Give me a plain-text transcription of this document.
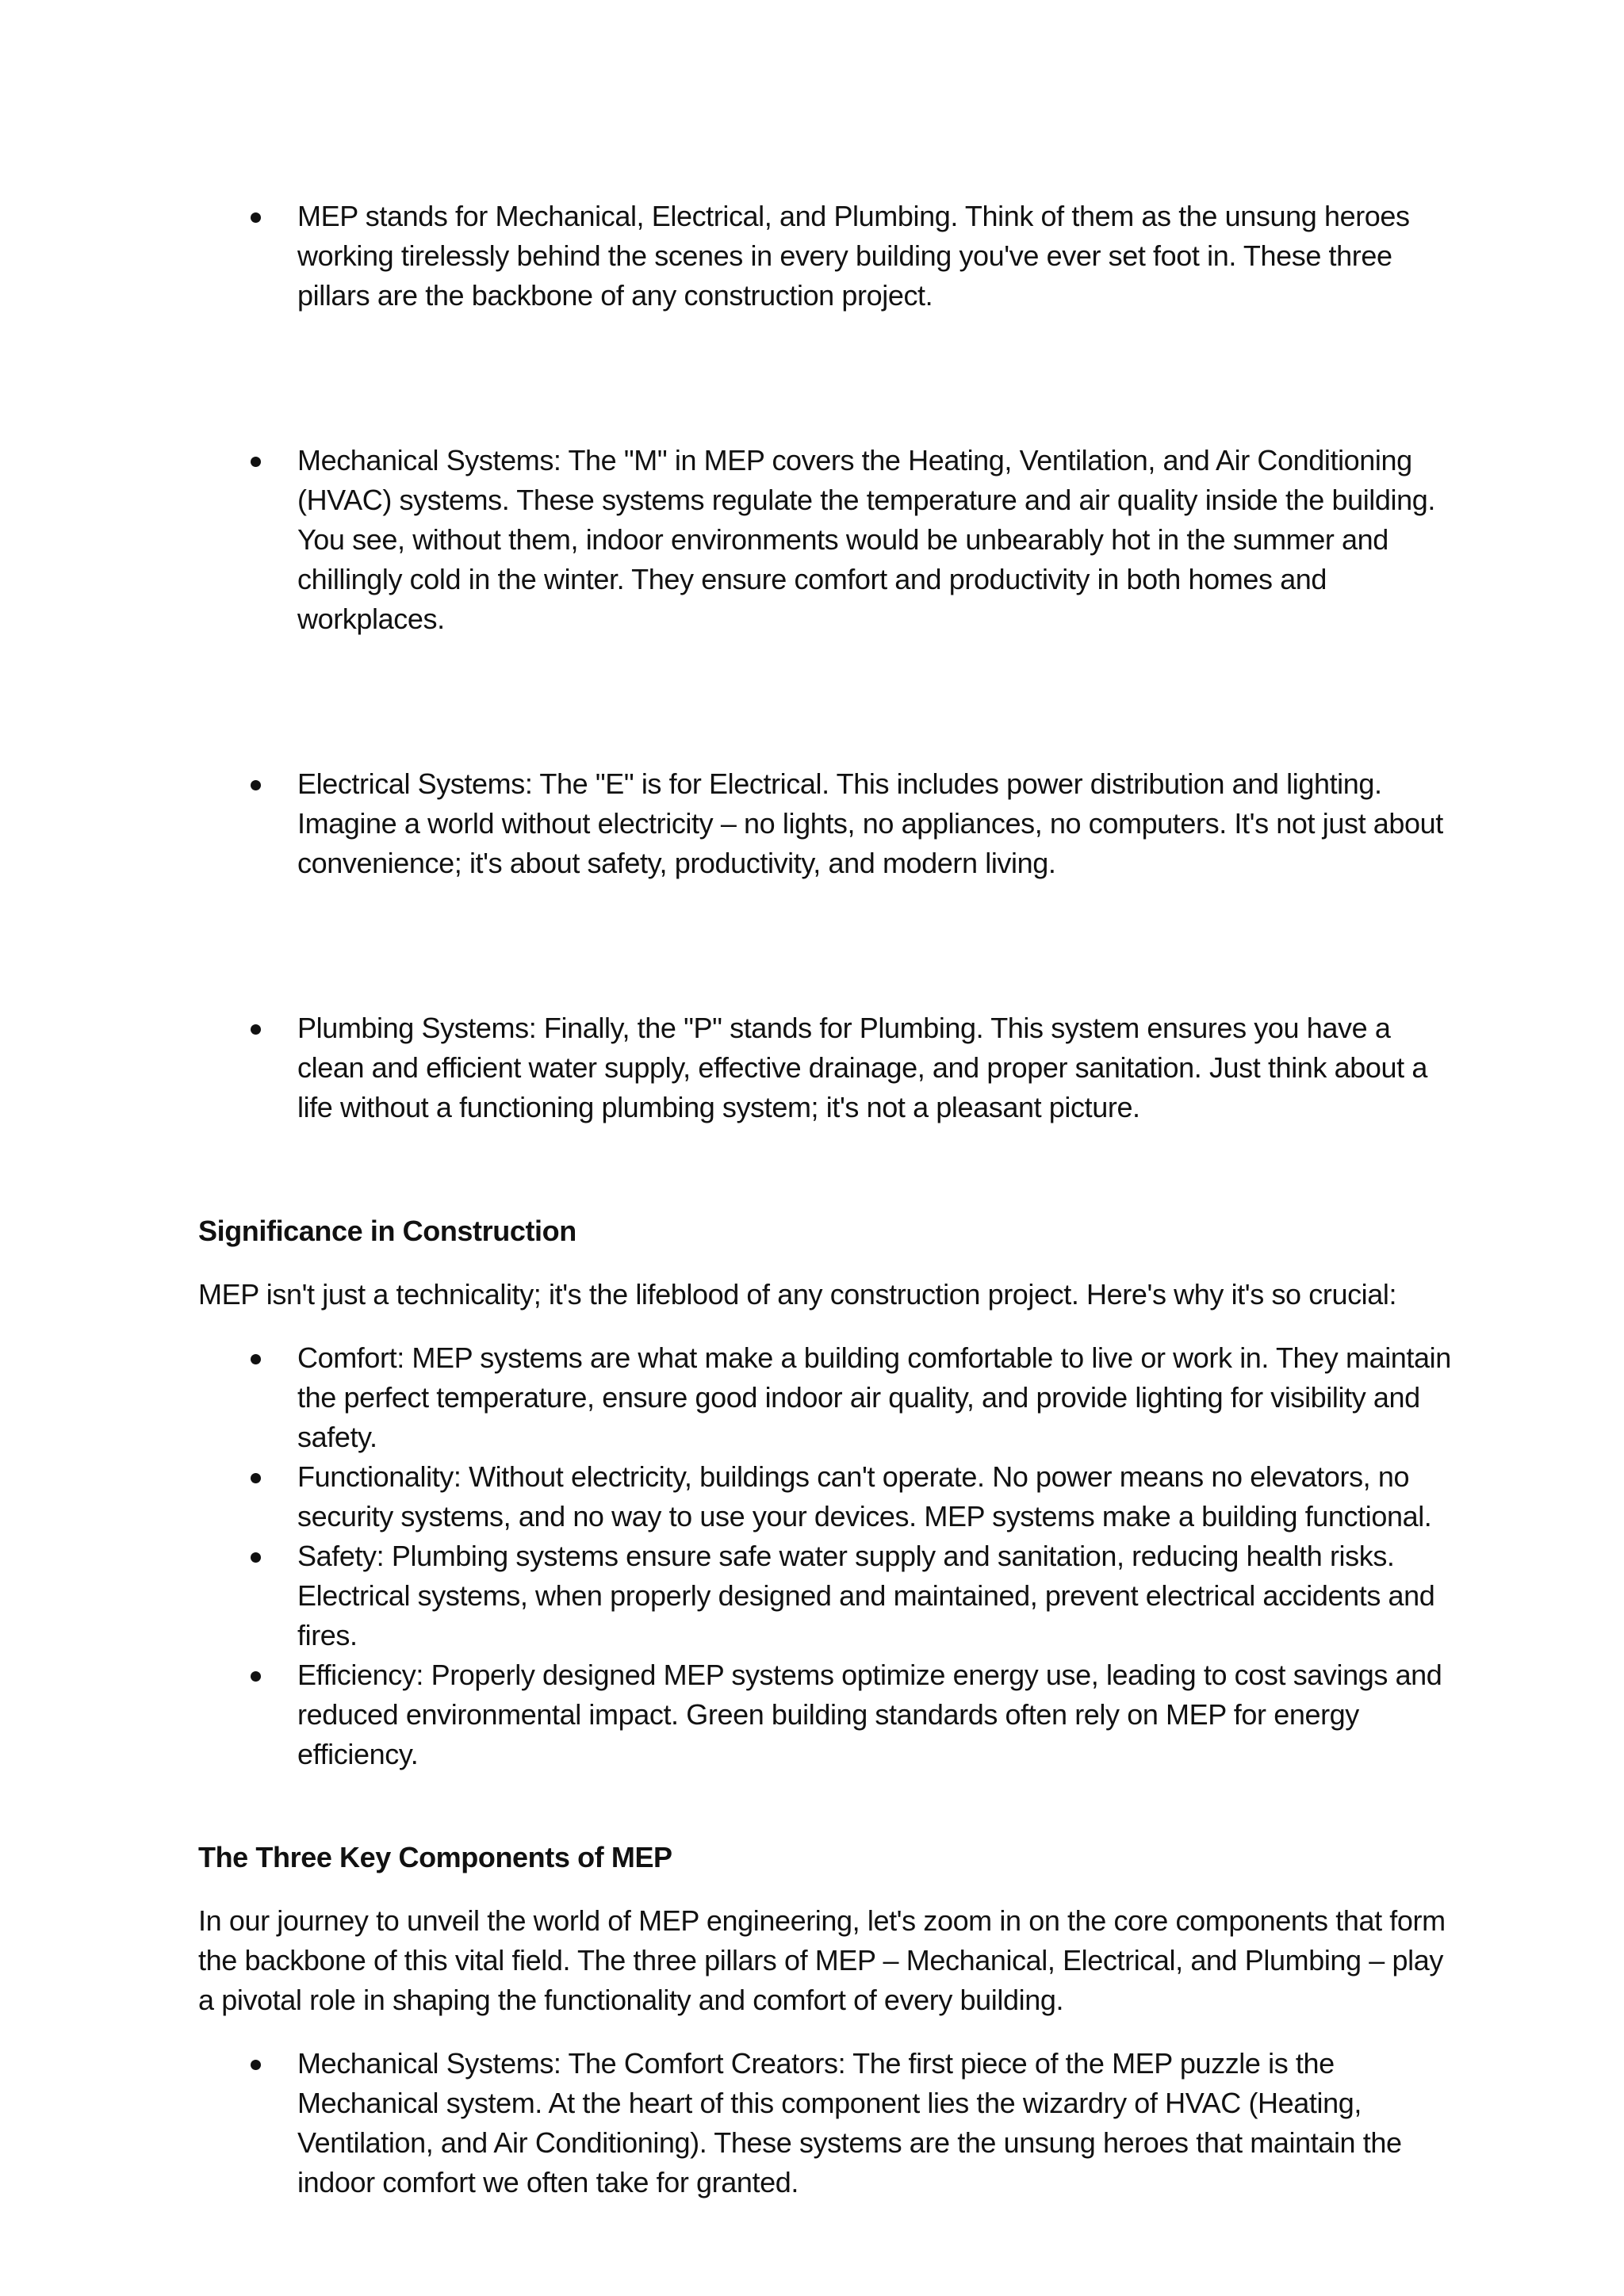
MEP stands for Mechanical, Electrical, and Plumbing. Think of them as the unsung heroes working tirelessly behind the scenes in every building you've ever set foot in. These three pillars are the backbone of any construction project.
Mechanical Systems: The "M" in MEP covers the Heating, Ventilation, and Air Conditioning (HVAC) systems. These systems regulate the temperature and air quality inside the building. You see, without them, indoor environments would be unbearably hot in the summer and chillingly cold in the winter. They ensure comfort and productivity in both homes and workplaces.
Electrical Systems: The "E" is for Electrical. This includes power distribution and lighting. Imagine a world without electricity – no lights, no appliances, no computers. It's not just about convenience; it's about safety, productivity, and modern living.
Plumbing Systems: Finally, the "P" stands for Plumbing. This system ensures you have a clean and efficient water supply, effective drainage, and proper sanitation. Just think about a life without a functioning plumbing system; it's not a pleasant picture.
Significance in Construction

MEP isn't just a technicality; it's the lifeblood of any construction project. Here's why it's so crucial:

Comfort: MEP systems are what make a building comfortable to live or work in. They maintain the perfect temperature, ensure good indoor air quality, and provide lighting for visibility and safety.
Functionality: Without electricity, buildings can't operate. No power means no elevators, no security systems, and no way to use your devices. MEP systems make a building functional.
Safety: Plumbing systems ensure safe water supply and sanitation, reducing health risks. Electrical systems, when properly designed and maintained, prevent electrical accidents and fires.
Efficiency: Properly designed MEP systems optimize energy use, leading to cost savings and reduced environmental impact. Green building standards often rely on MEP for energy efficiency.
The Three Key Components of MEP

In our journey to unveil the world of MEP engineering, let's zoom in on the core components that form the backbone of this vital field. The three pillars of MEP – Mechanical, Electrical, and Plumbing – play a pivotal role in shaping the functionality and comfort of every building.

Mechanical Systems: The Comfort Creators: The first piece of the MEP puzzle is the Mechanical system. At the heart of this component lies the wizardry of HVAC (Heating, Ventilation, and Air Conditioning). These systems are the unsung heroes that maintain the indoor comfort we often take for granted.
